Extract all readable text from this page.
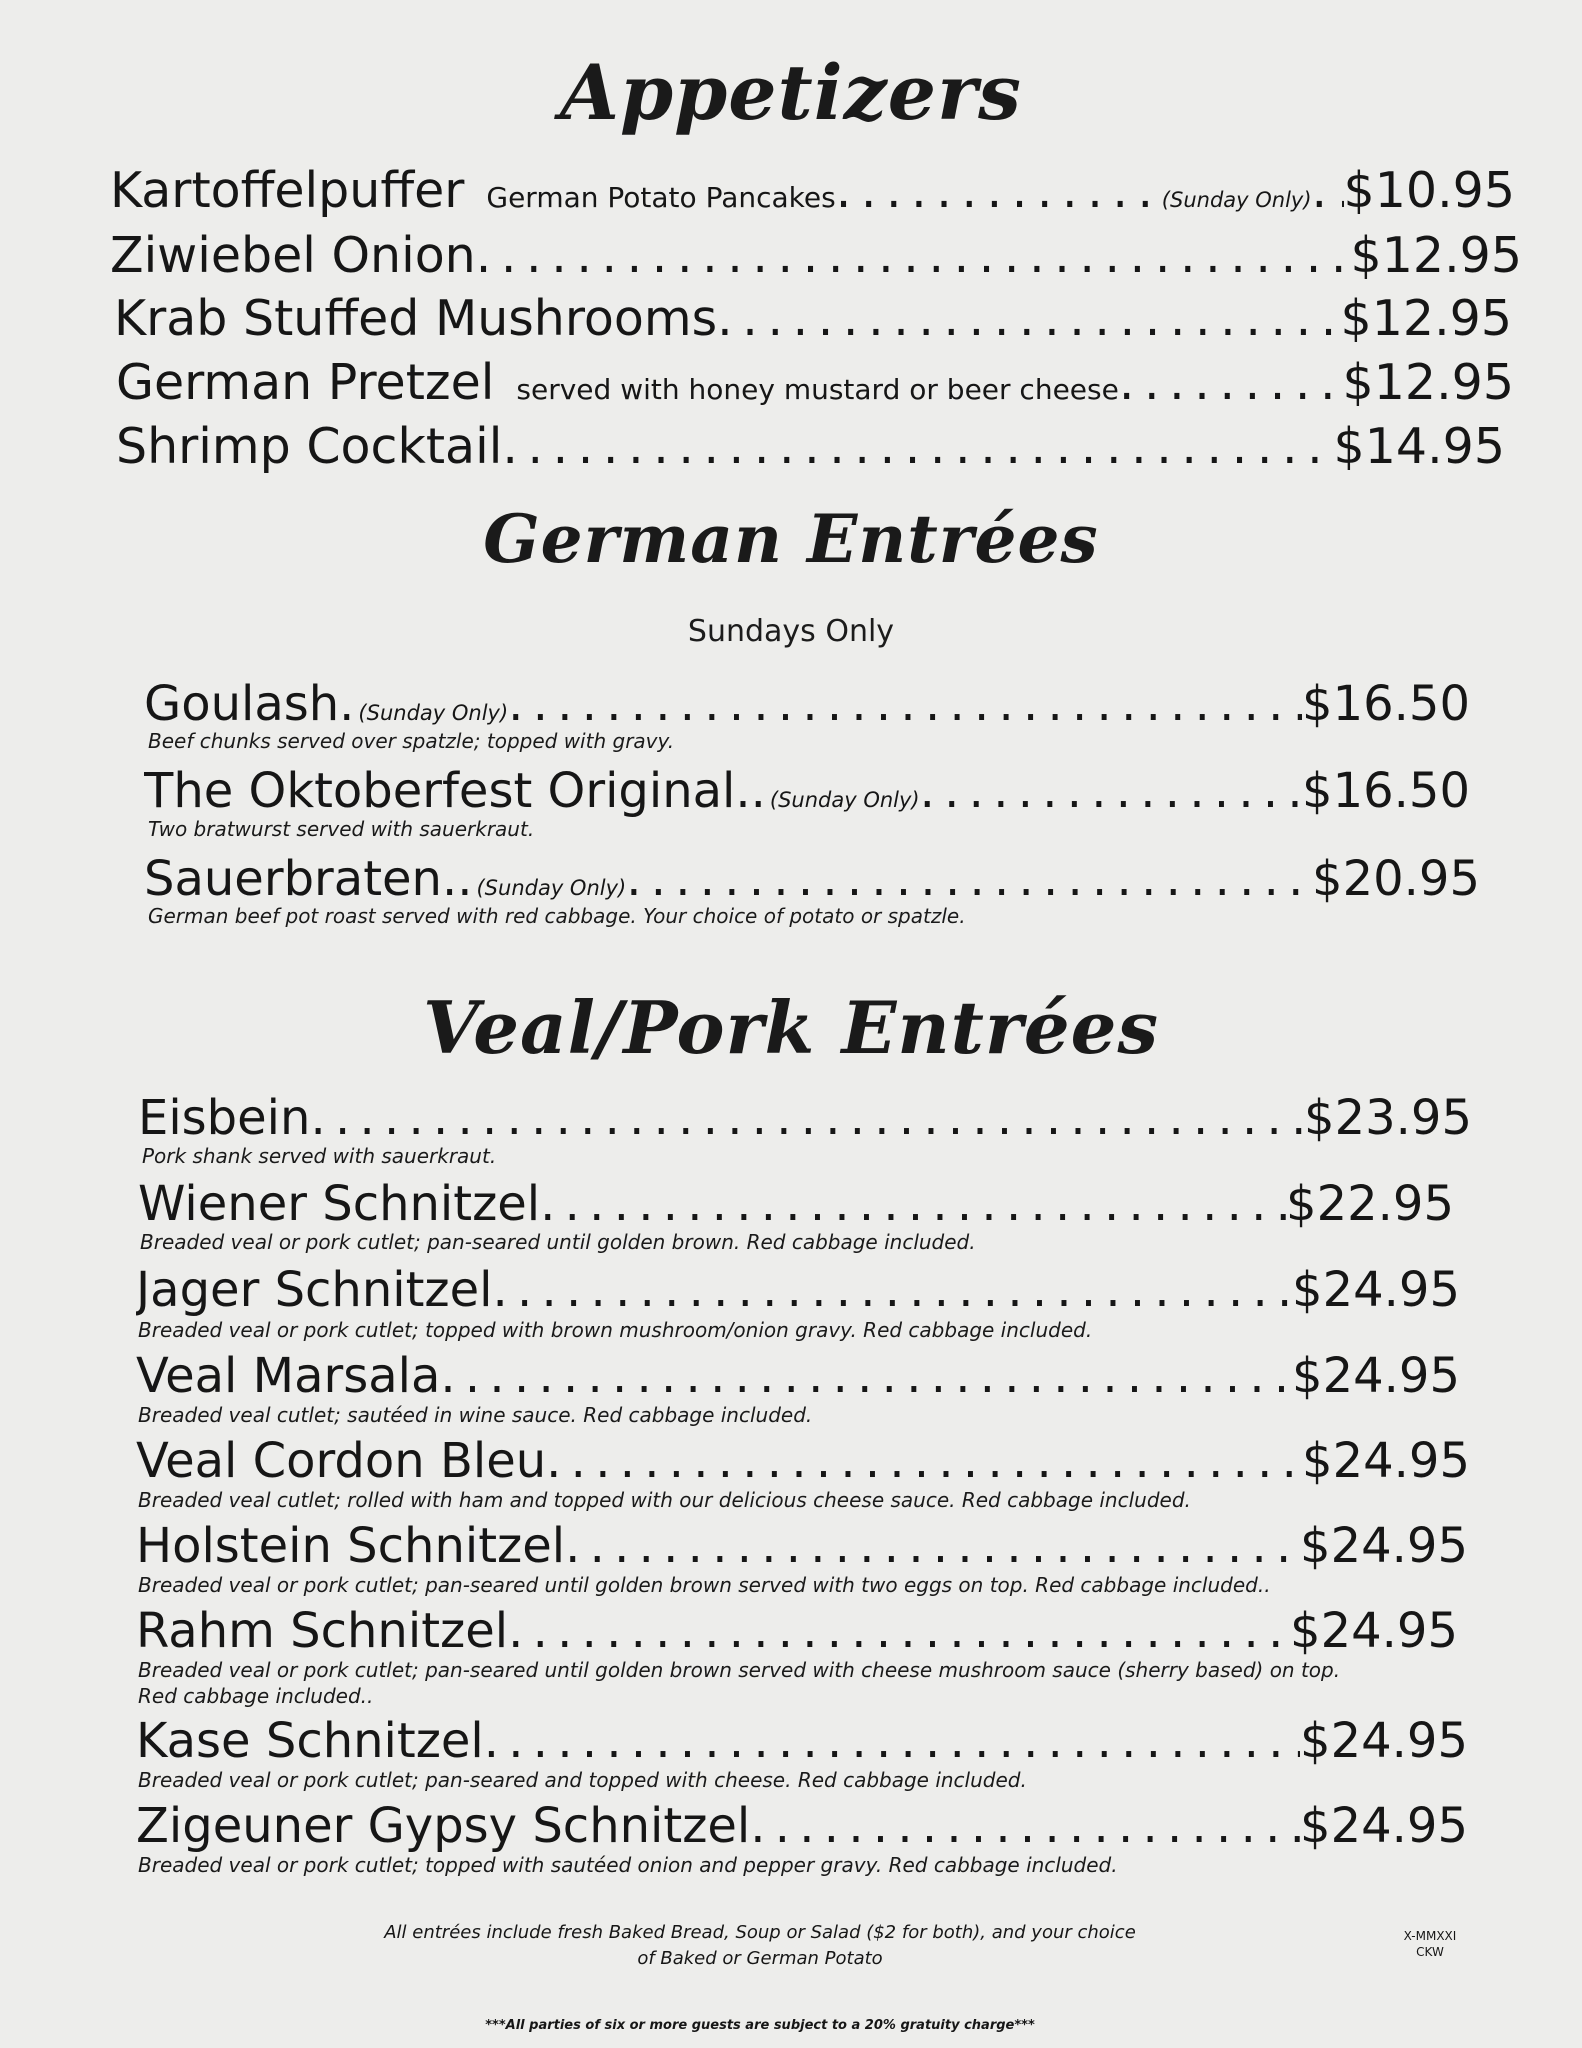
Appetizers
Kartoffelpuffer German Potato Pancakes . . .	(Sunday Only) . . . $10.95
Ziwiebel Onion . . .	$12.95
Krab Stuffed Mushrooms . . .	$12.95
German Pretzel served with honey mustard or beer cheese . . .	$12.95
Shrimp Cocktail . . .	$14.95
German Entrées
Sundays Only
Goulash. (Sunday Only) . . .	$16.50
Beef chunks served over spatzle; topped with gravy.
The Oktoberfest Original.. (Sunday Only) . . .	$16.50
Two bratwurst served with sauerkraut.
Sauerbraten.. (Sunday Only) . . .	$20.95
German beef pot roast served with red cabbage. Your choice of potato or spatzle.
Veal/Pork Entrées
Eisbein . . .	$23.95
Pork shank served with sauerkraut.
Wiener Schnitzel . . .	$22.95
Breaded veal or pork cutlet; pan-seared until golden brown. Red cabbage included.
Jager Schnitzel . . .	$24.95
Breaded veal or pork cutlet; topped with brown mushroom/onion gravy. Red cabbage included.
Veal Marsala . . .	$24.95
Breaded veal cutlet; sautéed in wine sauce. Red cabbage included.
Veal Cordon Bleu . . .	$24.95
Breaded veal cutlet; rolled with ham and topped with our delicious cheese sauce. Red cabbage included.
Holstein Schnitzel . . .	$24.95
Breaded veal or pork cutlet; pan-seared until golden brown served with two eggs on top. Red cabbage included..
Rahm Schnitzel . . .	$24.95
Breaded veal or pork cutlet; pan-seared until golden brown served with cheese mushroom sauce (sherry based) on top.
Red cabbage included..
Kase Schnitzel . . .	$24.95
Breaded veal or pork cutlet; pan-seared and topped with cheese. Red cabbage included.
Zigeuner Gypsy Schnitzel . . .	$24.95
Breaded veal or pork cutlet; topped with sautéed onion and pepper gravy. Red cabbage included.
All entrées include fresh Baked Bread, Soup or Salad ($2 for both), and your choice
of Baked or German Potato
***All parties of six or more guests are subject to a 20% gratuity charge***
X-MMXXI
CKW
